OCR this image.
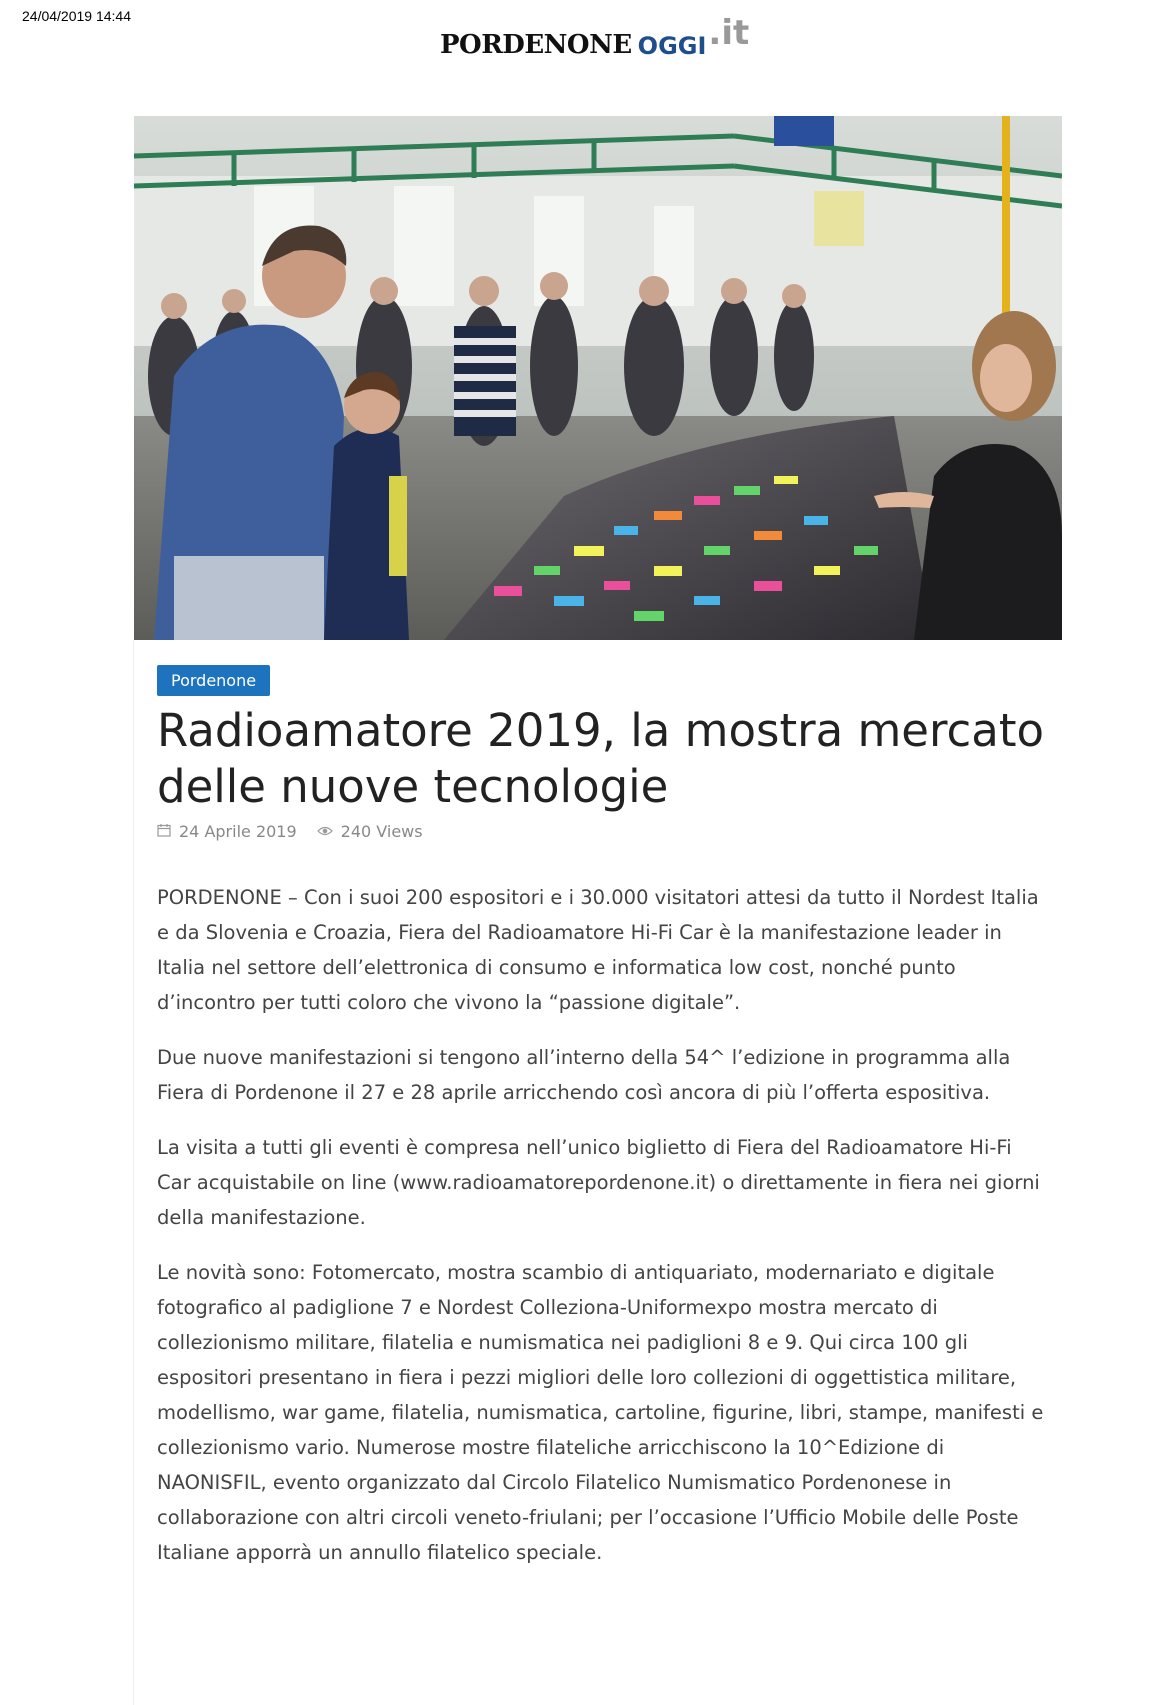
24/04/2019 14:44
PORDENONE OGGI .it
Pordenone
Radioamatore 2019, la mostra mercato delle nuove tecnologie
24 Aprile 2019	240 Views

PORDENONE – Con i suoi 200 espositori e i 30.000 visitatori attesi da tutto il Nordest Italia e da Slovenia e Croazia, Fiera del Radioamatore Hi-Fi Car è la manifestazione leader in Italia nel settore dell’elettronica di consumo e informatica low cost, nonché punto d’incontro per tutti coloro che vivono la “passione digitale”.

Due nuove manifestazioni si tengono all’interno della 54^ l’edizione in programma alla Fiera di Pordenone il 27 e 28 aprile arricchendo così ancora di più l’offerta espositiva.

La visita a tutti gli eventi è compresa nell’unico biglietto di Fiera del Radioamatore Hi-Fi Car acquistabile on line (www.radioamatorepordenone.it) o direttamente in fiera nei giorni della manifestazione.

Le novità sono: Fotomercato, mostra scambio di antiquariato, modernariato e digitale fotografico al padiglione 7 e Nordest Colleziona-Uniformexpo mostra mercato di collezionismo militare, filatelia e numismatica nei padiglioni 8 e 9. Qui circa 100 gli espositori presentano in fiera i pezzi migliori delle loro collezioni di oggettistica militare, modellismo, war game, filatelia, numismatica, cartoline, figurine, libri, stampe, manifesti e collezionismo vario. Numerose mostre filateliche arricchiscono la 10^Edizione di NAONISFIL, evento organizzato dal Circolo Filatelico Numismatico Pordenonese in collaborazione con altri circoli veneto-friulani; per l’occasione l’Ufficio Mobile delle Poste Italiane apporrà un annullo filatelico speciale.
